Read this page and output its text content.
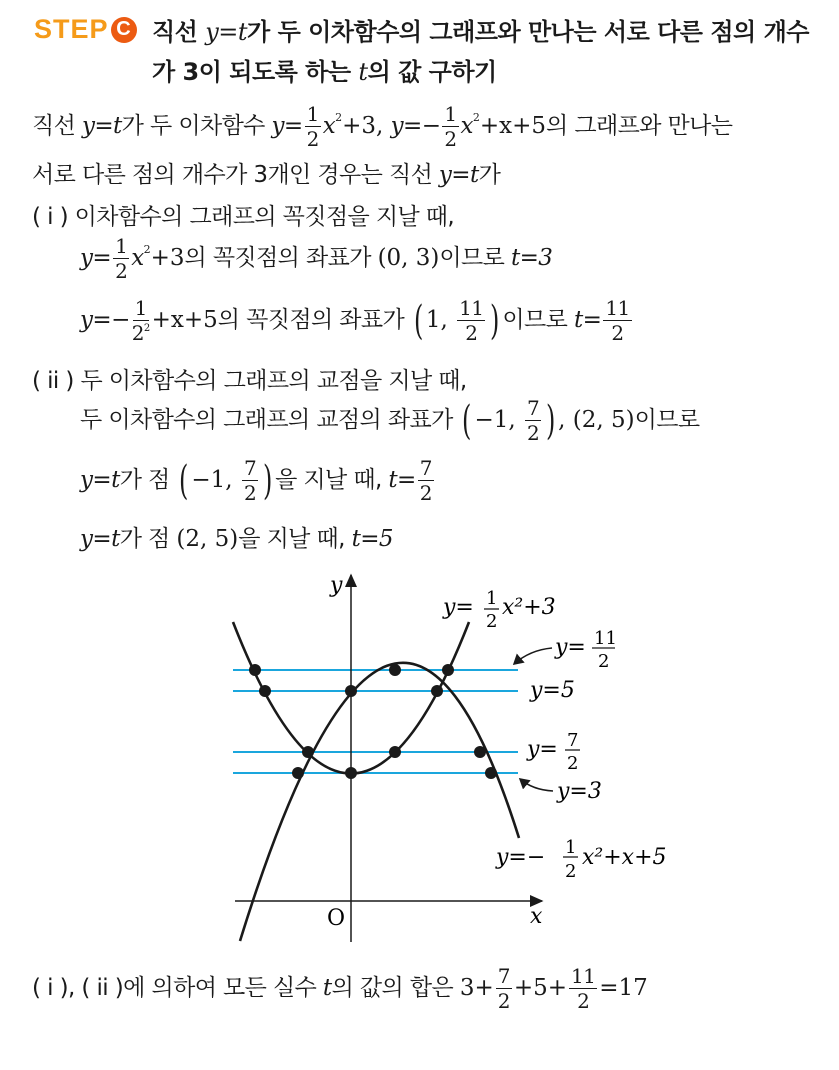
STEP C 직선 y=t가 두 이차함수의 그래프와 만나는 서로 다른 점의 개수
가 3이 되도록 하는 t의 값 구하기
직선 y=t가 두 이차함수 $y= \frac{1}{2} x^2+3$, $y=- \frac{1}{2} x^2+x+5$의 그래프와 만나는
서로 다른 점의 개수가 3개인 경우는 직선 y=t가
( i ) 이차함수의 그래프의 꼭짓점을 지날 때,
$y= \frac{1}{2} x^2+3$의 꼭짓점의 좌표가 (0, 3)이므로 t=3
$y=- \frac{1}{2^2} +x+5$의 꼭짓점의 좌표가 ( 1, $\frac{11}{2}$ ) 이므로 $t= \frac{11}{2}$
( ii ) 두 이차함수의 그래프의 교점을 지날 때,
두 이차함수의 그래프의 교점의 좌표가 ( −1, $\frac{7}{2}$ ) , (2, 5)이므로
y=t가 점 ( −1, $\frac{7}{2}$ ) 을 지날 때, $t= \frac{7}{2}$
y=t가 점 (2, 5)을 지날 때, t=5
y
x
O
y= 1
2
x²+3
y= 11
2
y=5
y= 7
2
y=3
y=− 1
2
x²+x+5
( i ), ( ii )에 의하여 모든 실수 t의 값의 합은 $3+ \frac{7}{2} +5+ \frac{11}{2} =17$
